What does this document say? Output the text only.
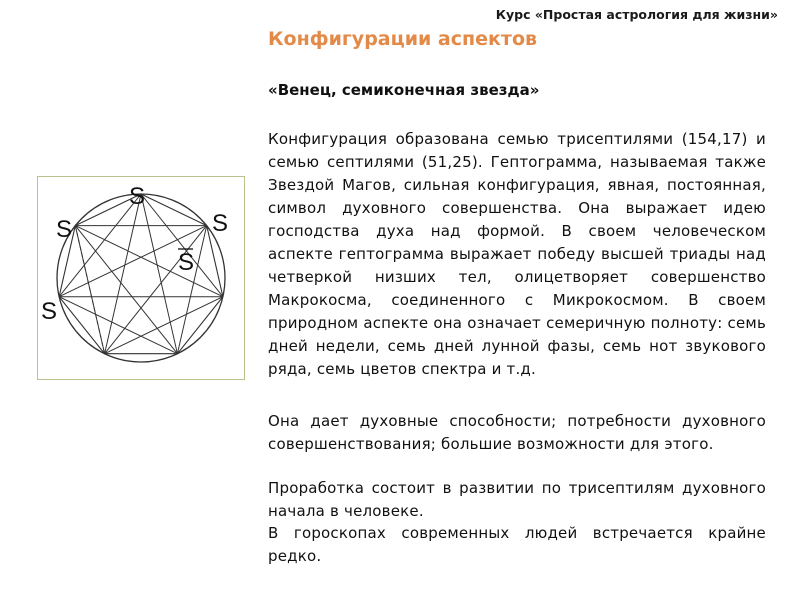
Курс «Простая астрология для жизни»
Конфигурации аспектов
«Венец, семиконечная звезда»

Конфигурация образована семью трисептилями (154,17) и семью септилями (51,25). Гептограмма, называемая также Звездой Магов, сильная конфигурация, явная, постоянная, символ духовного совершенства. Она выражает идею господства духа над формой. В своем человеческом аспекте гептограмма выражает победу высшей триады над четверкой низших тел, олицетворяет совершенство Макрокосма, соединенного с Микрокосмом. В своем природном аспекте она означает семеричную полноту: семь дней недели, семь дней лунной фазы, семь нот звукового ряда, семь цветов спектра и т.д.

Она дает духовные способности; потребности духовного совершенствования; большие возможности для этого.

Проработка состоит в развитии по трисептилям духовного начала в человеке.

В гороскопах современных людей встречается крайне редко.

S
S	S
S
S
